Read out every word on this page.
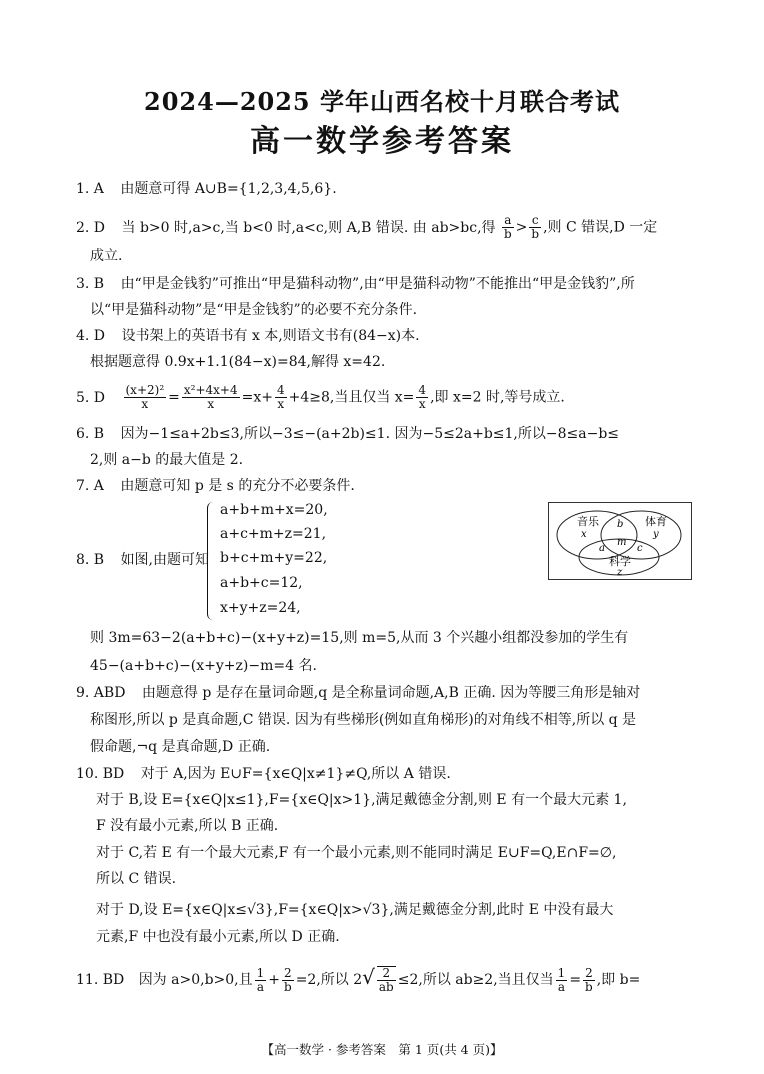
2024—2025 学年山西名校十月联合考试
高一数学参考答案
1. A 由题意可得 A∪B={1,2,3,4,5,6}.
2. D 当 b>0 时,a>c,当 b<0 时,a<c,则 A,B 错误. 由 ab>bc,得 $\frac{a}{b} > \frac{c}{b}$ ,则 C 错误,D 一定
成立.
3. B 由“甲是金钱豹”可推出“甲是猫科动物”,由“甲是猫科动物”不能推出“甲是金钱豹”,所
以“甲是猫科动物”是“甲是金钱豹”的必要不充分条件.
4. D 设书架上的英语书有 x 本,则语文书有(84−x)本.
根据题意得 0.9x+1.1(84−x)=84,解得 x=42.
5. D $\frac{\text{(x+2)²}}{x} = \frac{\text{x²+4x+4}}{x} =x+ \frac{4}{x} +4\ge 8$,当且仅当 $x= \frac{4}{x}$ ,即 x=2 时,等号成立.
6. B 因为−1≤a+2b≤3,所以−3≤−(a+2b)≤1. 因为−5≤2a+b≤1,所以−8≤a−b≤
2,则 a−b 的最大值是 2.
7. A 由题意可知 p 是 s 的充分不必要条件.
8. B 如图,由题可知
a+b+m+x=20,
a+c+m+z=21,
b+c+m+y=22,
a+b+c=12,
x+y+z=24,
音乐
x
体育
y
b
m
a	c
科学
z
则 3m=63−2(a+b+c)−(x+y+z)=15,则 m=5,从而 3 个兴趣小组都没参加的学生有
45−(a+b+c)−(x+y+z)−m=4 名.
9. ABD 由题意得 p 是存在量词命题,q 是全称量词命题,A,B 正确. 因为等腰三角形是轴对
称图形,所以 p 是真命题,C 错误. 因为有些梯形(例如直角梯形)的对角线不相等,所以 q 是
假命题,¬q 是真命题,D 正确.
10. BD 对于 A,因为 E∪F={x∈Q|x≠1}≠Q,所以 A 错误.
对于 B,设 E={x∈Q|x≤1},F={x∈Q|x>1},满足戴德金分割,则 E 有一个最大元素 1,
F 没有最小元素,所以 B 正确.
对于 C,若 E 有一个最大元素,F 有一个最小元素,则不能同时满足 E∪F=Q,E∩F=∅,
所以 C 错误.
对于 D,设 E={x∈Q|x≤√3},F={x∈Q|x>√3},满足戴德金分割,此时 E 中没有最大
元素,F 中也没有最小元素,所以 D 正确.
11. BD 因为 a>0,b>0,且 $\frac{1}{a} + \frac{2}{b} =2$,所以 $2√ \frac{2}{ab} \le 2$,所以 ab≥2,当且仅当 $\frac{1}{a} = \frac{2}{b}$ ,即 b=
【高一数学 · 参考答案　第 1 页(共 4 页)】
